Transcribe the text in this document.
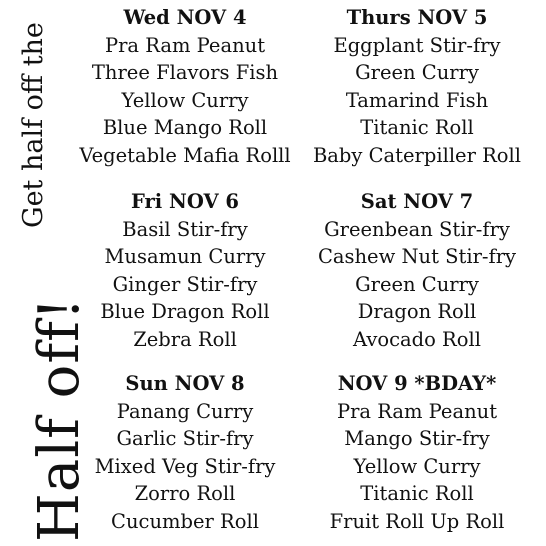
Half off!
Get half off the
Wed NOV 4
Pra Ram Peanut
Three Flavors Fish
Yellow Curry
Blue Mango Roll
Vegetable Mafia Rolll
Thurs NOV 5
Eggplant Stir-fry
Green Curry
Tamarind Fish
Titanic Roll
Baby Caterpiller Roll
Fri NOV 6
Basil Stir-fry
Musamun Curry
Ginger Stir-fry
Blue Dragon Roll
Zebra Roll
Sat NOV 7
Greenbean Stir-fry
Cashew Nut Stir-fry
Green Curry
Dragon Roll
Avocado Roll
Sun NOV 8
Panang Curry
Garlic Stir-fry
Mixed Veg Stir-fry
Zorro Roll
Cucumber Roll
NOV 9 *BDAY*
Pra Ram Peanut
Mango Stir-fry
Yellow Curry
Titanic Roll
Fruit Roll Up Roll
